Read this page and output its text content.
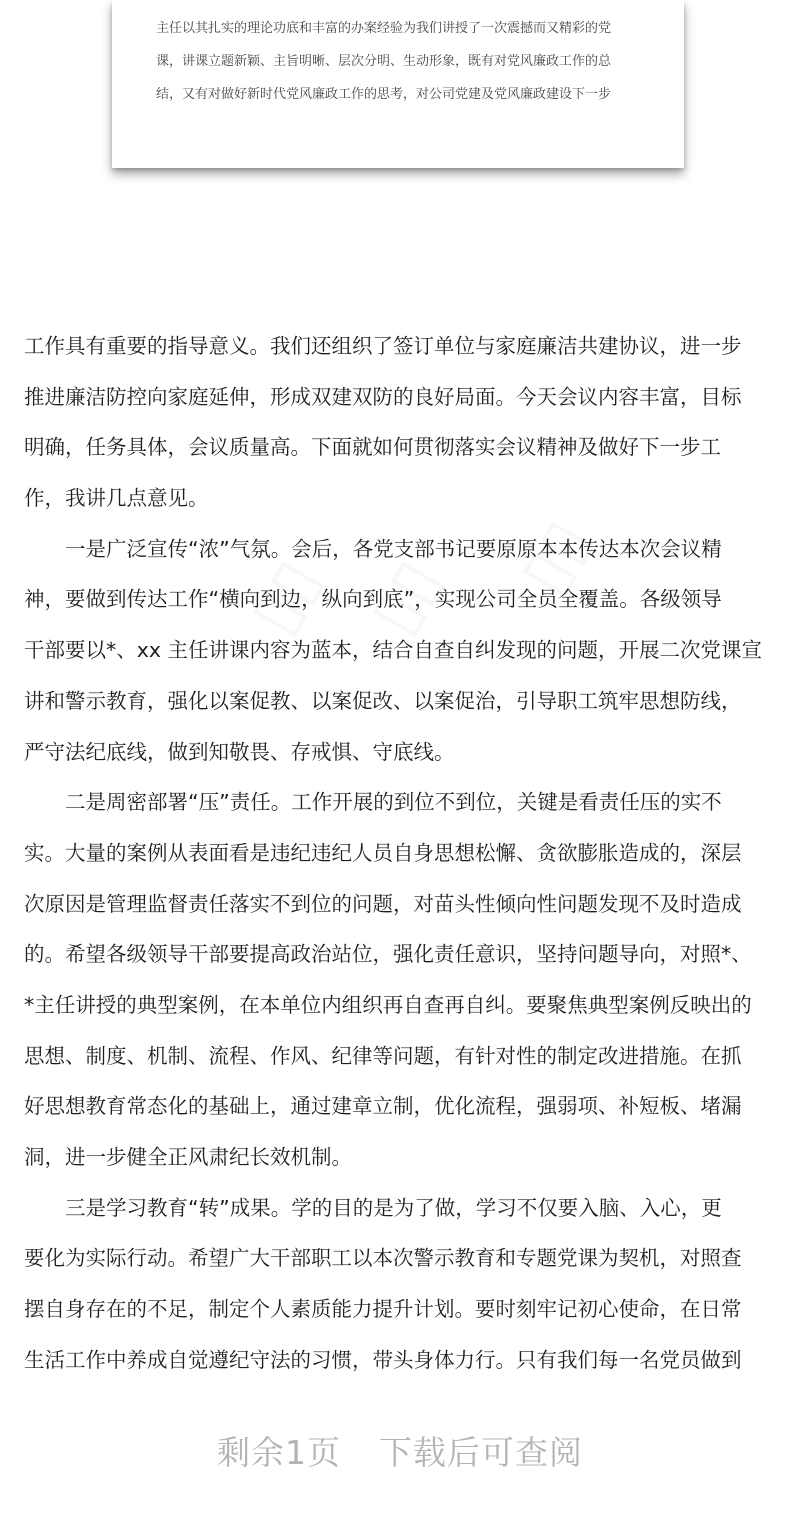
主任以其扎实的理论功底和丰富的办案经验为我们讲授了一次震撼而又精彩的党
课，讲课立题新颖、主旨明晰、层次分明、生动形象，既有对党风廉政工作的总
结，又有对做好新时代党风廉政工作的思考，对公司党建及党风廉政建设下一步
▯▯ ▯▯ ▯▯
工作具有重要的指导意义。我们还组织了签订单位与家庭廉洁共建协议，进一步
推进廉洁防控向家庭延伸，形成双建双防的良好局面。今天会议内容丰富，目标
明确，任务具体，会议质量高。下面就如何贯彻落实会议精神及做好下一步工
作，我讲几点意见。
一是广泛宣传“浓”气氛。会后，各党支部书记要原原本本传达本次会议精
神，要做到传达工作“横向到边，纵向到底”，实现公司全员全覆盖。各级领导
干部要以*、xx 主任讲课内容为蓝本，结合自查自纠发现的问题，开展二次党课宣
讲和警示教育，强化以案促教、以案促改、以案促治，引导职工筑牢思想防线，
严守法纪底线，做到知敬畏、存戒惧、守底线。
二是周密部署“压”责任。工作开展的到位不到位，关键是看责任压的实不
实。大量的案例从表面看是违纪违纪人员自身思想松懈、贪欲膨胀造成的，深层
次原因是管理监督责任落实不到位的问题，对苗头性倾向性问题发现不及时造成
的。希望各级领导干部要提高政治站位，强化责任意识，坚持问题导向，对照*、
*主任讲授的典型案例，在本单位内组织再自查再自纠。要聚焦典型案例反映出的
思想、制度、机制、流程、作风、纪律等问题，有针对性的制定改进措施。在抓
好思想教育常态化的基础上，通过建章立制，优化流程，强弱项、补短板、堵漏
洞，进一步健全正风肃纪长效机制。
三是学习教育“转”成果。学的目的是为了做，学习不仅要入脑、入心，更
要化为实际行动。希望广大干部职工以本次警示教育和专题党课为契机，对照查
摆自身存在的不足，制定个人素质能力提升计划。要时刻牢记初心使命，在日常
生活工作中养成自觉遵纪守法的习惯，带头身体力行。只有我们每一名党员做到
剩余1页 下载后可查阅
